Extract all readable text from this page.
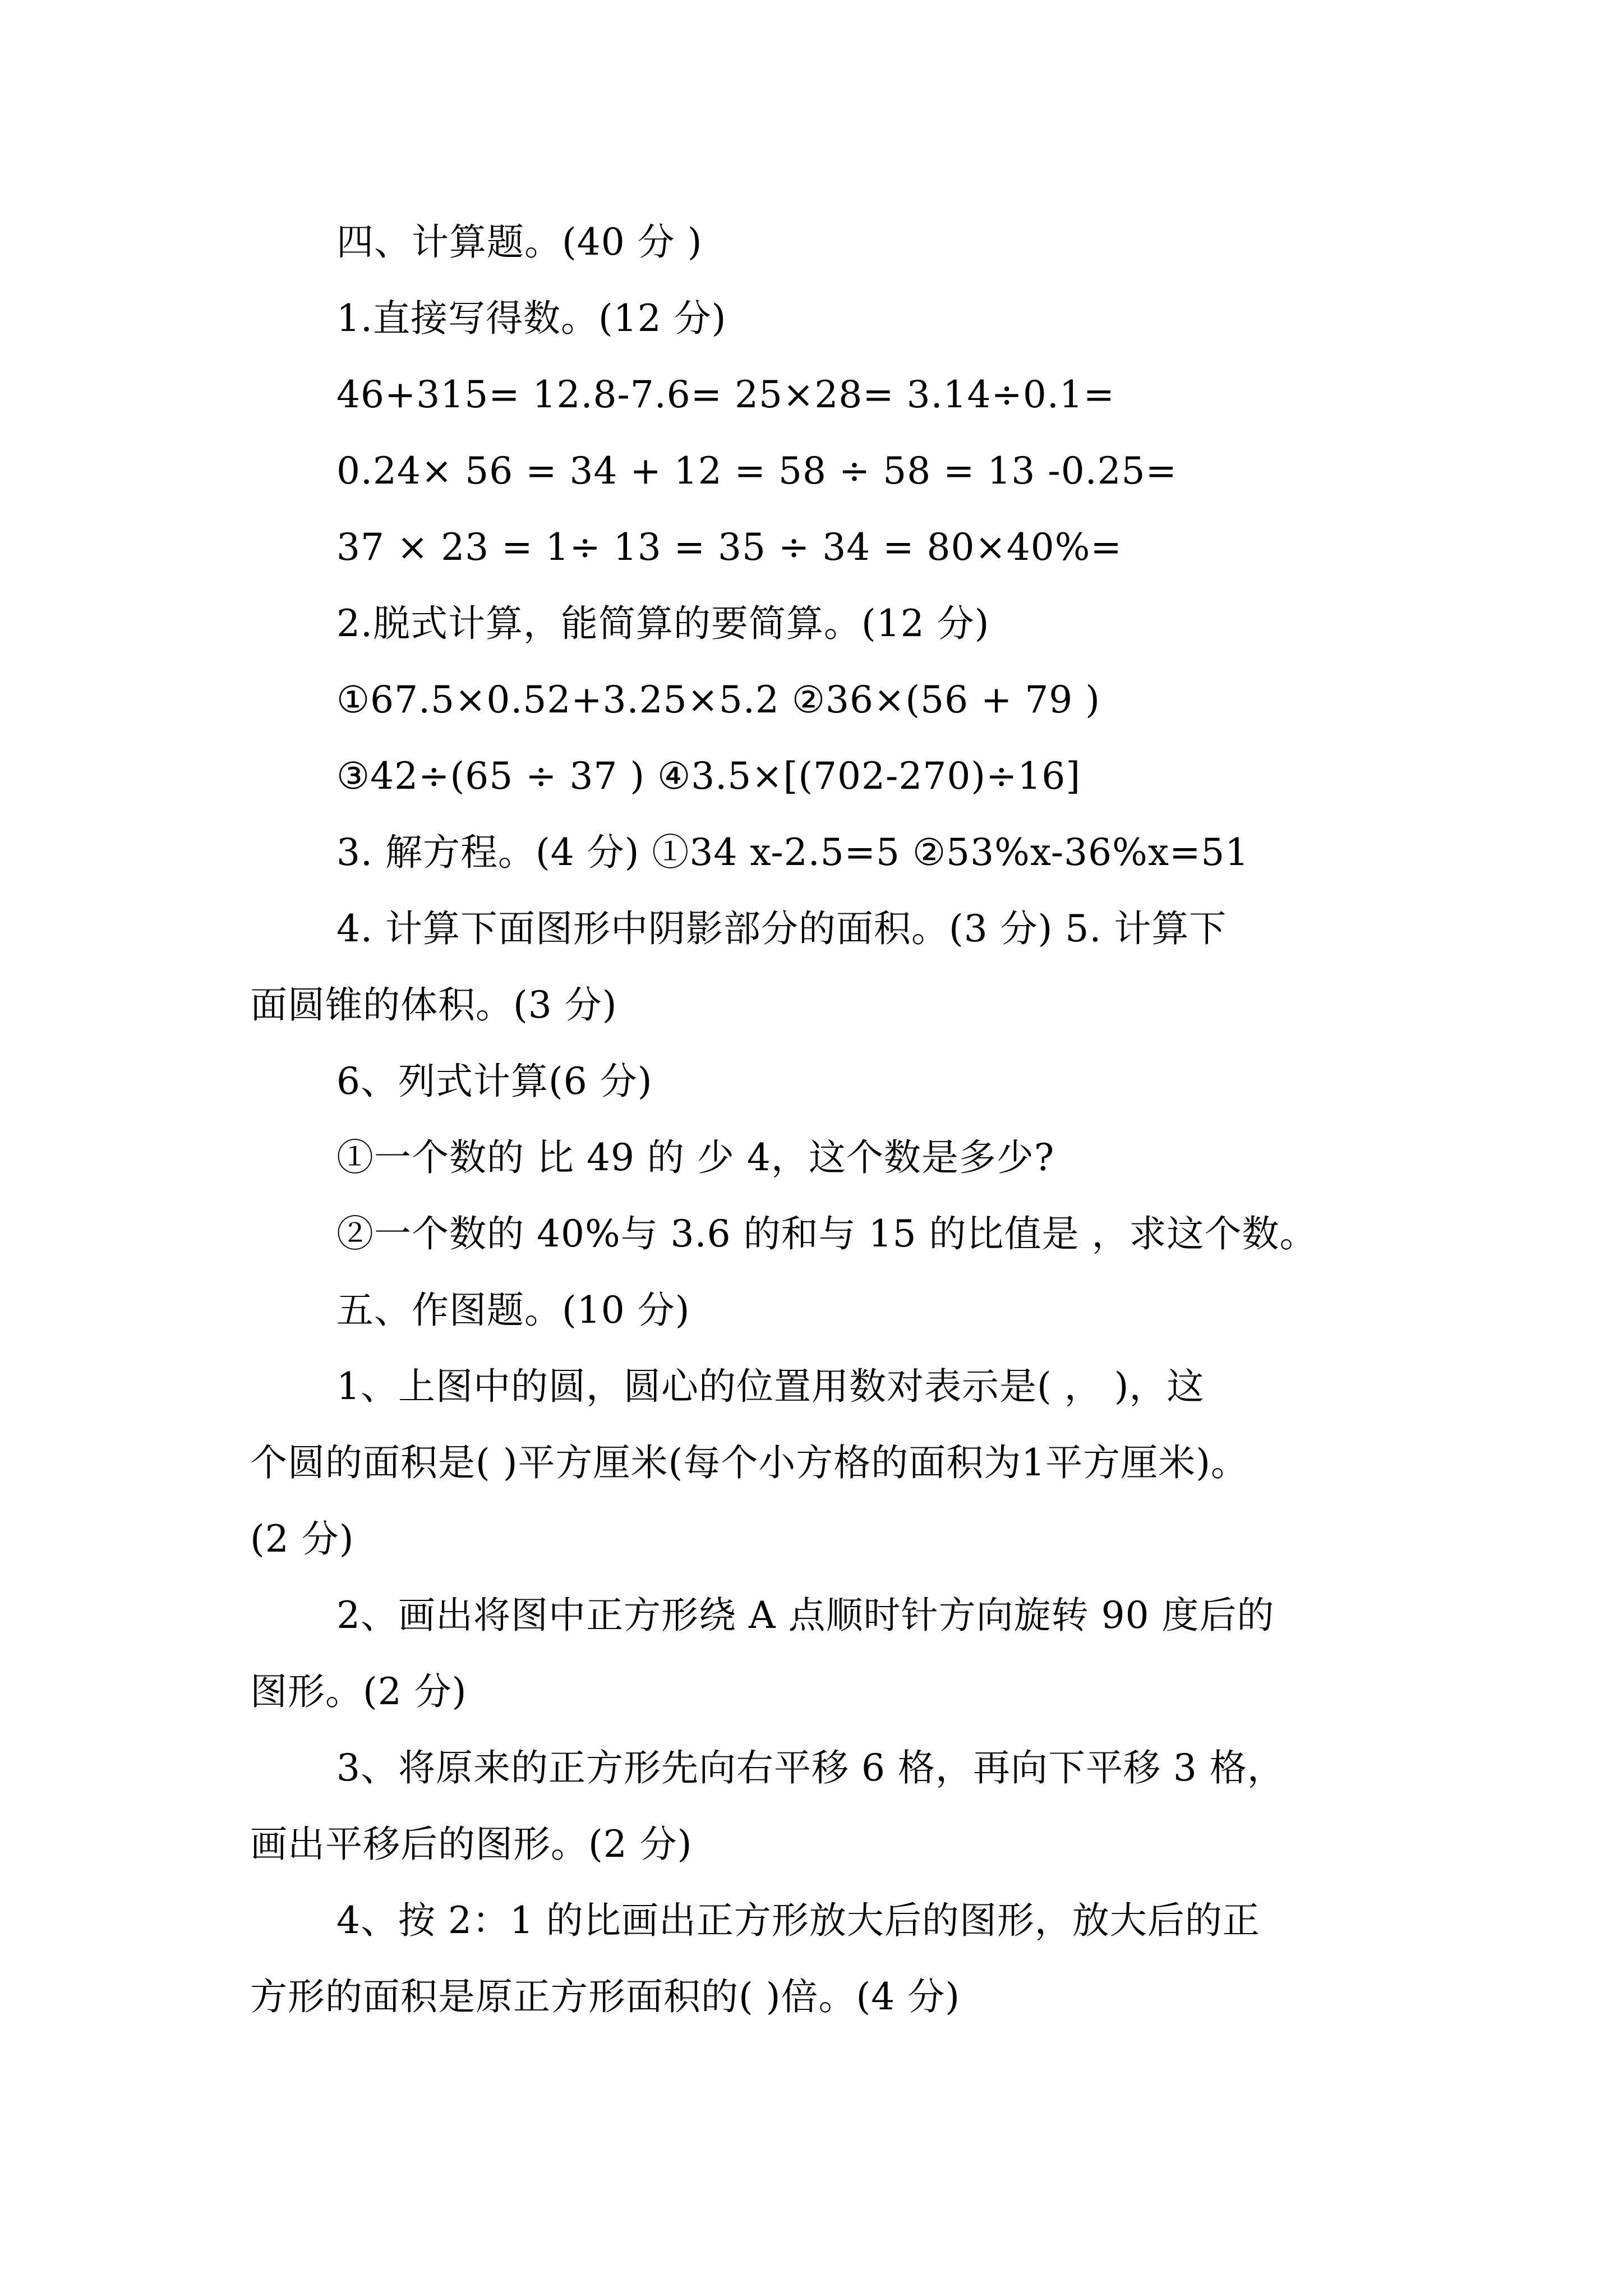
四、计算题。(40 分 )

1.直接写得数。(12 分)

46+315= 12.8-7.6= 25×28= 3.14÷0.1=

0.24× 56 = 34 + 12 = 58 ÷ 58 = 13 -0.25=

37 × 23 = 1÷ 13 = 35 ÷ 34 = 80×40%=

2.脱式计算，能简算的要简算。(12 分)

①67.5×0.52+3.25×5.2 ②36×(56 + 79 )

③42÷(65 ÷ 37 ) ④3.5×[(702-270)÷16]

3. 解方程。(4 分) ①34 x-2.5=5 ②53%x-36%x=51

4. 计算下面图形中阴影部分的面积。(3 分) 5. 计算下

面圆锥的体积。(3 分)

6、列式计算(6 分)

①一个数的 比 49 的 少 4，这个数是多少?

②一个数的 40%与 3.6 的和与 15 的比值是 ，求这个数。

五、作图题。(10 分)

1、上图中的圆，圆心的位置用数对表示是( ， )，这

个圆的面积是( )平方厘米(每个小方格的面积为1平方厘米)。

(2 分)

2、画出将图中正方形绕 A 点顺时针方向旋转 90 度后的

图形。(2 分)

3、将原来的正方形先向右平移 6 格，再向下平移 3 格，

画出平移后的图形。(2 分)

4、按 2：1 的比画出正方形放大后的图形，放大后的正

方形的面积是原正方形面积的( )倍。(4 分)
